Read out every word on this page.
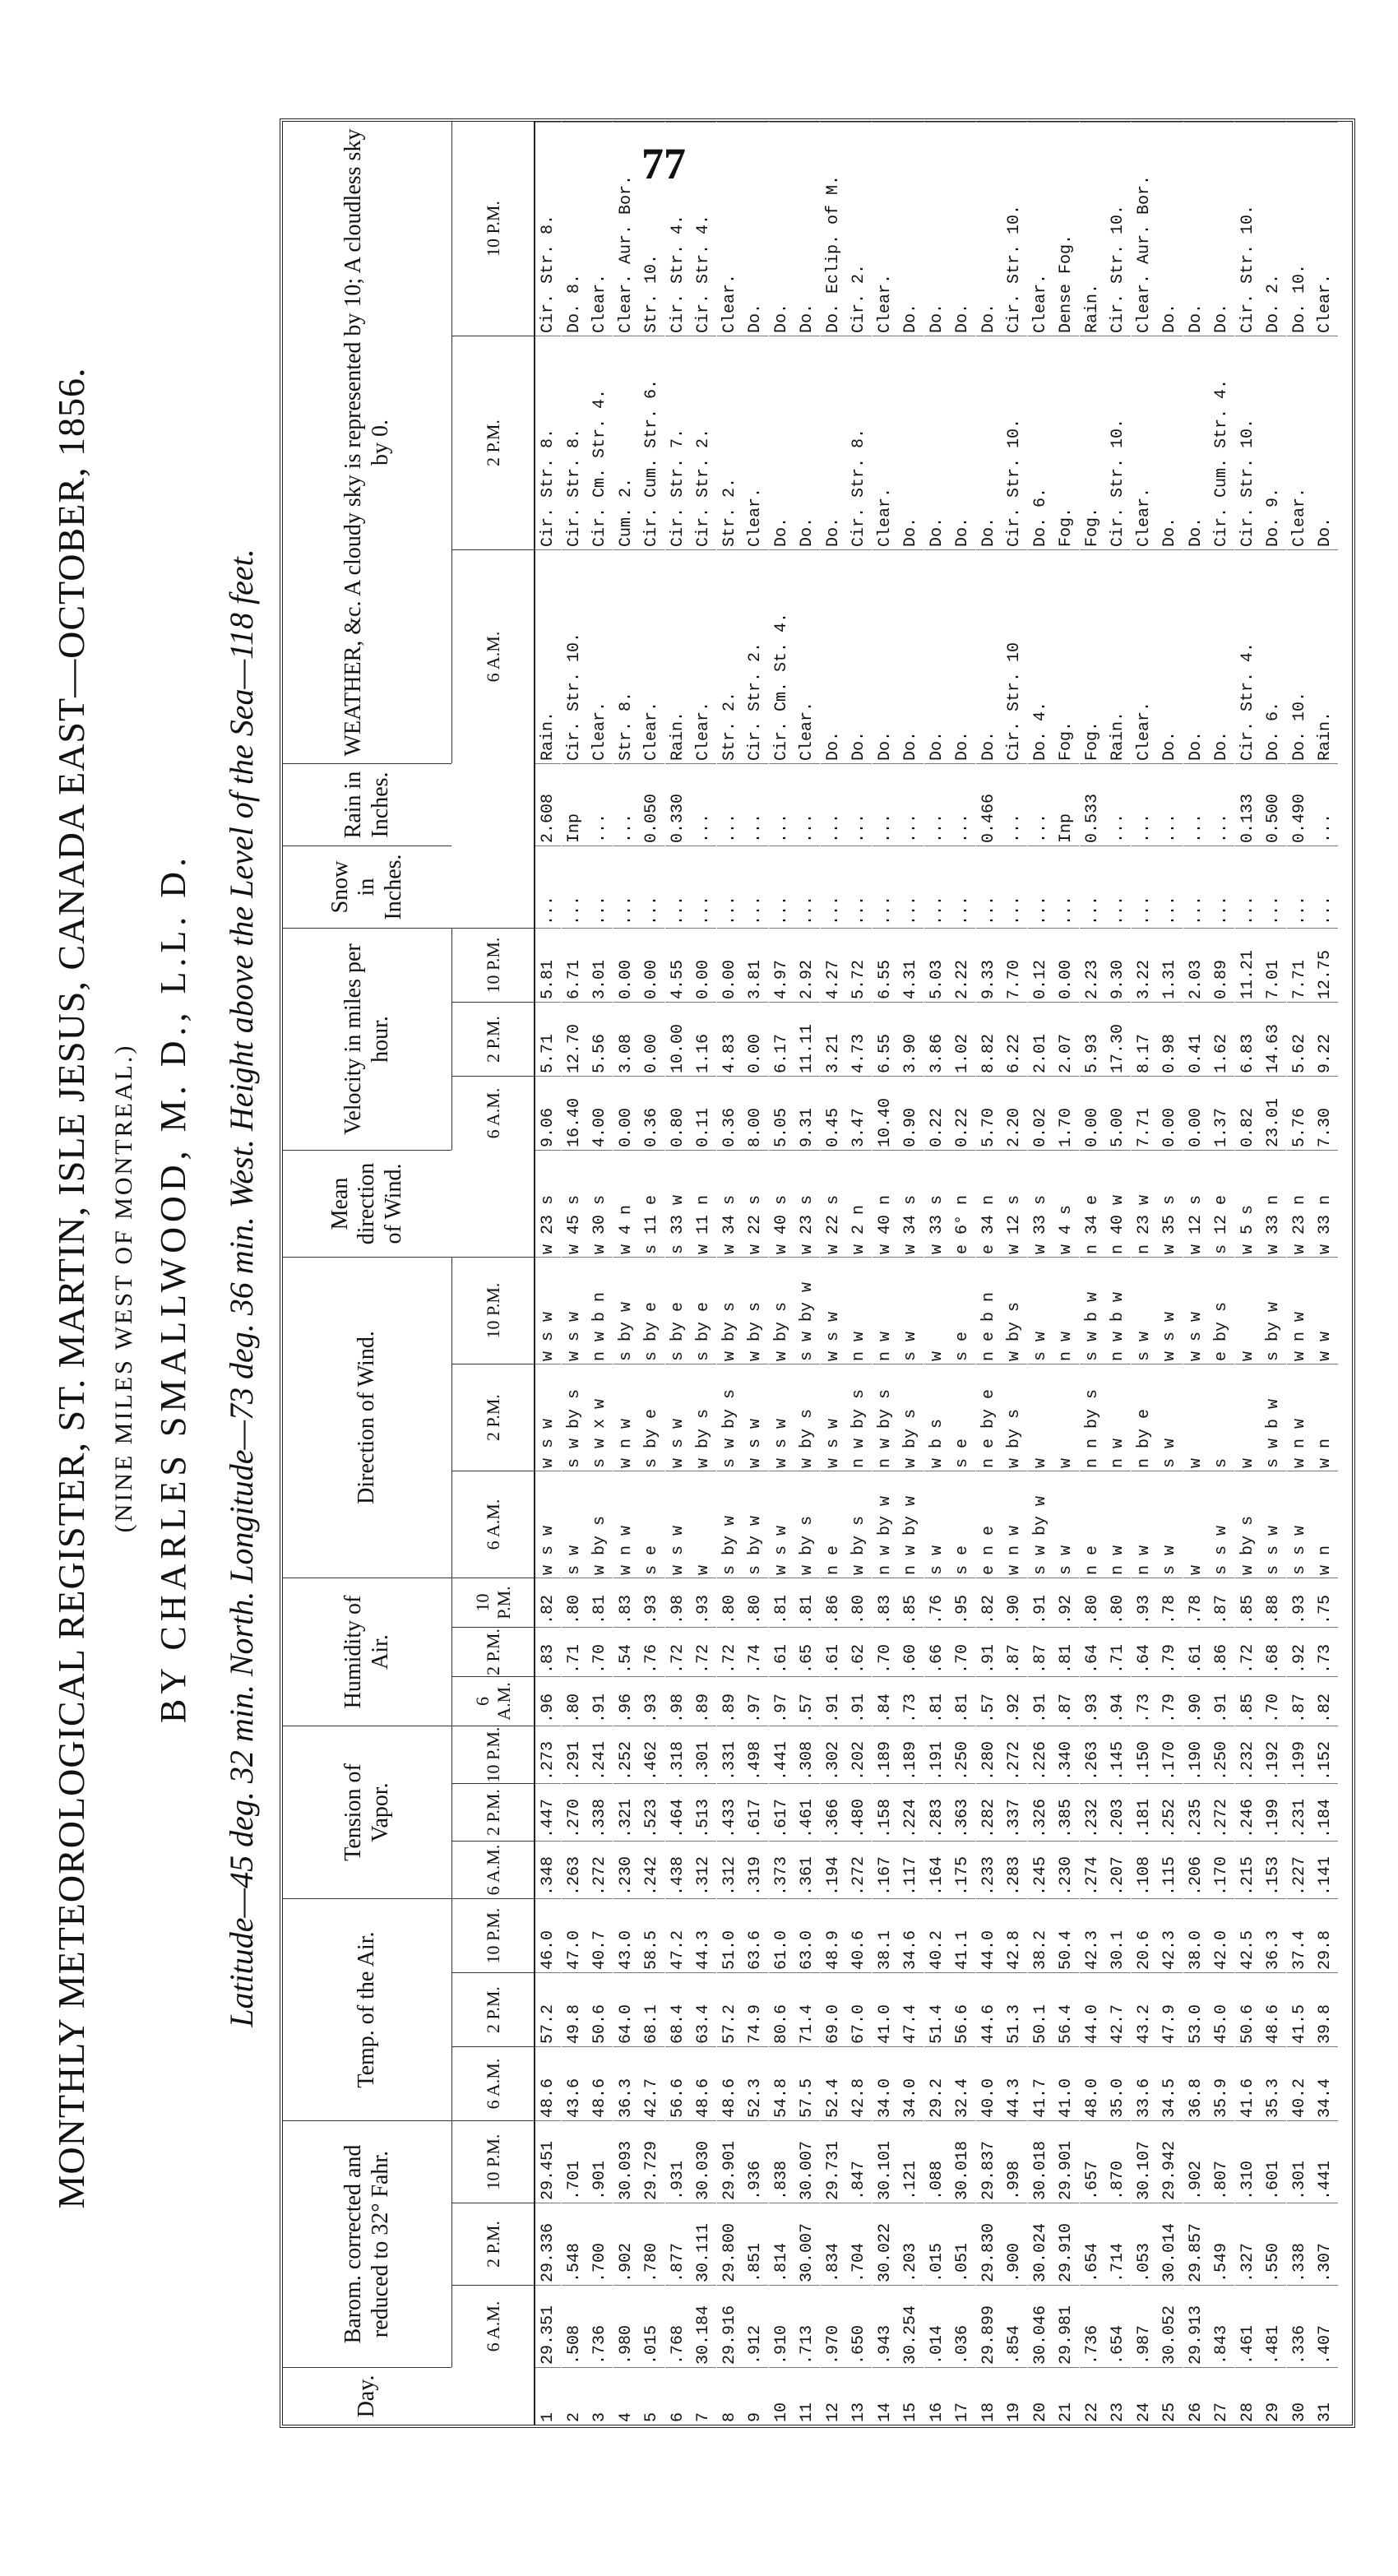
77
MONTHLY METEOROLOGICAL REGISTER, ST. MARTIN, ISLE JESUS, CANADA EAST—OCTOBER, 1856. (NINE MILES WEST OF MONTREAL.) BY CHARLES SMALLWOOD, M. D., L.L. D. Latitude—45 deg. 32 min. North. Longitude—73 deg. 36 min. West. Height above the Level of the Sea—118 feet.
Day.
Barom. corrected and reduced to 32° Fahr.
Temp. of the Air.
Tension of Vapor.
Humidity of Air.
Direction of Wind.
Mean direction of Wind.
Velocity in miles per hour.
Snow in Inches.
Rain in Inches.
WEATHER, &c. A cloudy sky is represented by 10; A cloudless sky by 0.
6 A.M.
2 P.M.
10 P.M.
6 A.M.
2 P.M.
10 P.M.
6 A.M.
2 P.M.
10 P.M.
6 A.M.
2 P.M.
10 P.M.
6 A.M.
2 P.M.
10 P.M.
6 A.M.
2 P.M.
10 P.M.
6 A.M.
2 P.M.
10 P.M.
1
29.351
29.336
29.451
48.6
57.2
46.0
.348
.447
.273
.96
.83
.82
w s w
w s w
w s w
w 23 s
9.06
5.71
5.81
...
2.608
Rain.
Cir. Str. 8.
Cir. Str. 8.
2
.508
.548
.701
43.6
49.8
47.0
.263
.270
.291
.80
.71
.80
s w
s w by s
w s w
w 45 s
16.40
12.70
6.71
...
Inp
Cir. Str. 10.
Cir. Str. 8.
Do. 8.
3
.736
.700
.901
48.6
50.6
40.7
.272
.338
.241
.91
.70
.81
w by s
s w x w
n w b n
w 30 s
4.00
5.56
3.01
...
...
Clear.
Cir. Cm. Str. 4.
Clear.
4
.980
.902
30.093
36.3
64.0
43.0
.230
.321
.252
.96
.54
.83
w n w
w n w
s by w
w 4 n
0.00
3.08
0.00
...
...
Str. 8.
Cum. 2.
Clear. Aur. Bor.
5
.015
.780
29.729
42.7
68.1
58.5
.242
.523
.462
.93
.76
.93
s e
s by e
s by e
s 11 e
0.36
0.00
0.00
...
0.050
Clear.
Cir. Cum. Str. 6.
Str. 10.
6
.768
.877
.931
56.6
68.4
47.2
.438
.464
.318
.98
.72
.98
w s w
w s w
s by e
s 33 w
0.80
10.00
4.55
...
0.330
Rain.
Cir. Str. 7.
Cir. Str. 4.
7
30.184
30.111
30.030
48.6
63.4
44.3
.312
.513
.301
.89
.72
.93
w
w by s
s by e
w 11 n
0.11
1.16
0.00
...
...
Clear.
Cir. Str. 2.
Cir. Str. 4.
8
29.916
29.800
29.901
48.6
57.2
51.0
.312
.433
.331
.89
.72
.80
s by w
s w by s
w by s
w 34 s
0.36
4.83
0.00
...
...
Str. 2.
Str. 2.
Clear.
9
.912
.851
.936
52.3
74.9
63.6
.319
.617
.498
.97
.74
.80
s by w
w s w
w by s
w 22 s
8.00
0.00
3.81
...
...
Cir. Str. 2.
Clear.
Do.
10
.910
.814
.838
54.8
80.6
61.0
.373
.617
.441
.97
.61
.81
w s w
w s w
w by s
w 40 s
5.05
6.17
4.97
...
...
Cir. Cm. St. 4.
Do.
Do.
11
.713
30.007
30.007
57.5
71.4
63.0
.361
.461
.308
.57
.65
.81
w by s
w by s
s w by w
w 23 s
9.31
11.11
2.92
...
...
Clear.
Do.
Do.
12
.970
.834
29.731
52.4
69.0
48.9
.194
.366
.302
.91
.61
.86
n e
w s w
w s w
w 22 s
0.45
3.21
4.27
...
...
Do.
Do.
Do. Eclip. of M.
13
.650
.704
.847
42.8
67.0
40.6
.272
.480
.202
.91
.62
.80
w by s
n w by s
n w
w 2 n
3.47
4.73
5.72
...
...
Do.
Cir. Str. 8.
Cir. 2.
14
.943
30.022
30.101
34.0
41.0
38.1
.167
.158
.189
.84
.70
.83
n w by w
n w by s
n w
w 40 n
10.40
6.55
6.55
...
...
Do.
Clear.
Clear.
15
30.254
.203
.121
34.0
47.4
34.6
.117
.224
.189
.73
.60
.85
n w by w
w by s
s w
w 34 s
0.90
3.90
4.31
...
...
Do.
Do.
Do.
16
.014
.015
.088
29.2
51.4
40.2
.164
.283
.191
.81
.66
.76
s w
w b s
w
w 33 s
0.22
3.86
5.03
...
...
Do.
Do.
Do.
17
.036
.051
30.018
32.4
56.6
41.1
.175
.363
.250
.81
.70
.95
s e
s e
s e
e 6° n
0.22
1.02
2.22
...
...
Do.
Do.
Do.
18
29.899
29.830
29.837
40.0
44.6
44.0
.233
.282
.280
.57
.91
.82
e n e
n e by e
n e b n
e 34 n
5.70
8.82
9.33
...
0.466
Do.
Do.
Do.
19
.854
.900
.998
44.3
51.3
42.8
.283
.337
.272
.92
.87
.90
w n w
w by s
w by s
w 12 s
2.20
6.22
7.70
...
...
Cir. Str. 10
Cir. Str. 10.
Cir. Str. 10.
20
30.046
30.024
30.018
41.7
50.1
38.2
.245
.326
.226
.91
.87
.91
s w by w
w
s w
w 33 s
0.02
2.01
0.12
...
...
Do. 4.
Do. 6.
Clear.
21
29.981
29.910
29.901
41.0
56.4
50.4
.230
.385
.340
.87
.81
.92
s w
w
n w
w 4 s
1.70
2.07
0.00
...
Inp
Fog.
Fog.
Dense Fog.
22
.736
.654
.657
48.0
44.0
42.3
.274
.232
.263
.93
.64
.80
n e
n n by s
s w b w
n 34 e
0.00
5.93
2.23
...
0.533
Fog.
Fog.
Rain.
23
.654
.714
.870
35.0
42.7
30.1
.207
.203
.145
.94
.71
.80
n w
n w
n w b w
n 40 w
5.00
17.30
9.30
...
...
Rain.
Cir. Str. 10.
Cir. Str. 10.
24
.987
.053
30.107
33.6
43.2
20.6
.108
.181
.150
.73
.64
.93
n w
n by e
s w
n 23 w
7.71
8.17
3.22
...
...
Clear.
Clear.
Clear. Aur. Bor.
25
30.052
30.014
29.942
34.5
47.9
42.3
.115
.252
.170
.79
.79
.78
s w
s w
w s w
w 35 s
0.00
0.98
1.31
...
...
Do.
Do.
Do.
26
29.913
29.857
.902
36.8
53.0
38.0
.206
.235
.190
.90
.61
.78
w
w
w s w
w 12 s
0.00
0.41
2.03
...
...
Do.
Do.
Do.
27
.843
.549
.807
35.9
45.0
42.0
.170
.272
.250
.91
.86
.87
s s w
s
e by s
s 12 e
1.37
1.62
0.89
...
...
Do.
Cir. Cum. Str. 4.
Do.
28
.461
.327
.310
41.6
50.6
42.5
.215
.246
.232
.85
.72
.85
w by s
w
w
w 5 s
0.82
6.83
11.21
...
0.133
Cir. Str. 4.
Cir. Str. 10.
Cir. Str. 10.
29
.481
.550
.601
35.3
48.6
36.3
.153
.199
.192
.70
.68
.88
s s w
s w b w
s by w
w 33 n
23.01
14.63
7.01
...
0.500
Do. 6.
Do. 9.
Do. 2.
30
.336
.338
.301
40.2
41.5
37.4
.227
.231
.199
.87
.92
.93
s s w
w n w
w n w
w 23 n
5.76
5.62
7.71
...
0.490
Do. 10.
Clear.
Do. 10.
31
.407
.307
.441
34.4
39.8
29.8
.141
.184
.152
.82
.73
.75
w n
w n
w w
w 33 n
7.30
9.22
12.75
...
...
Rain.
Do.
Clear.
